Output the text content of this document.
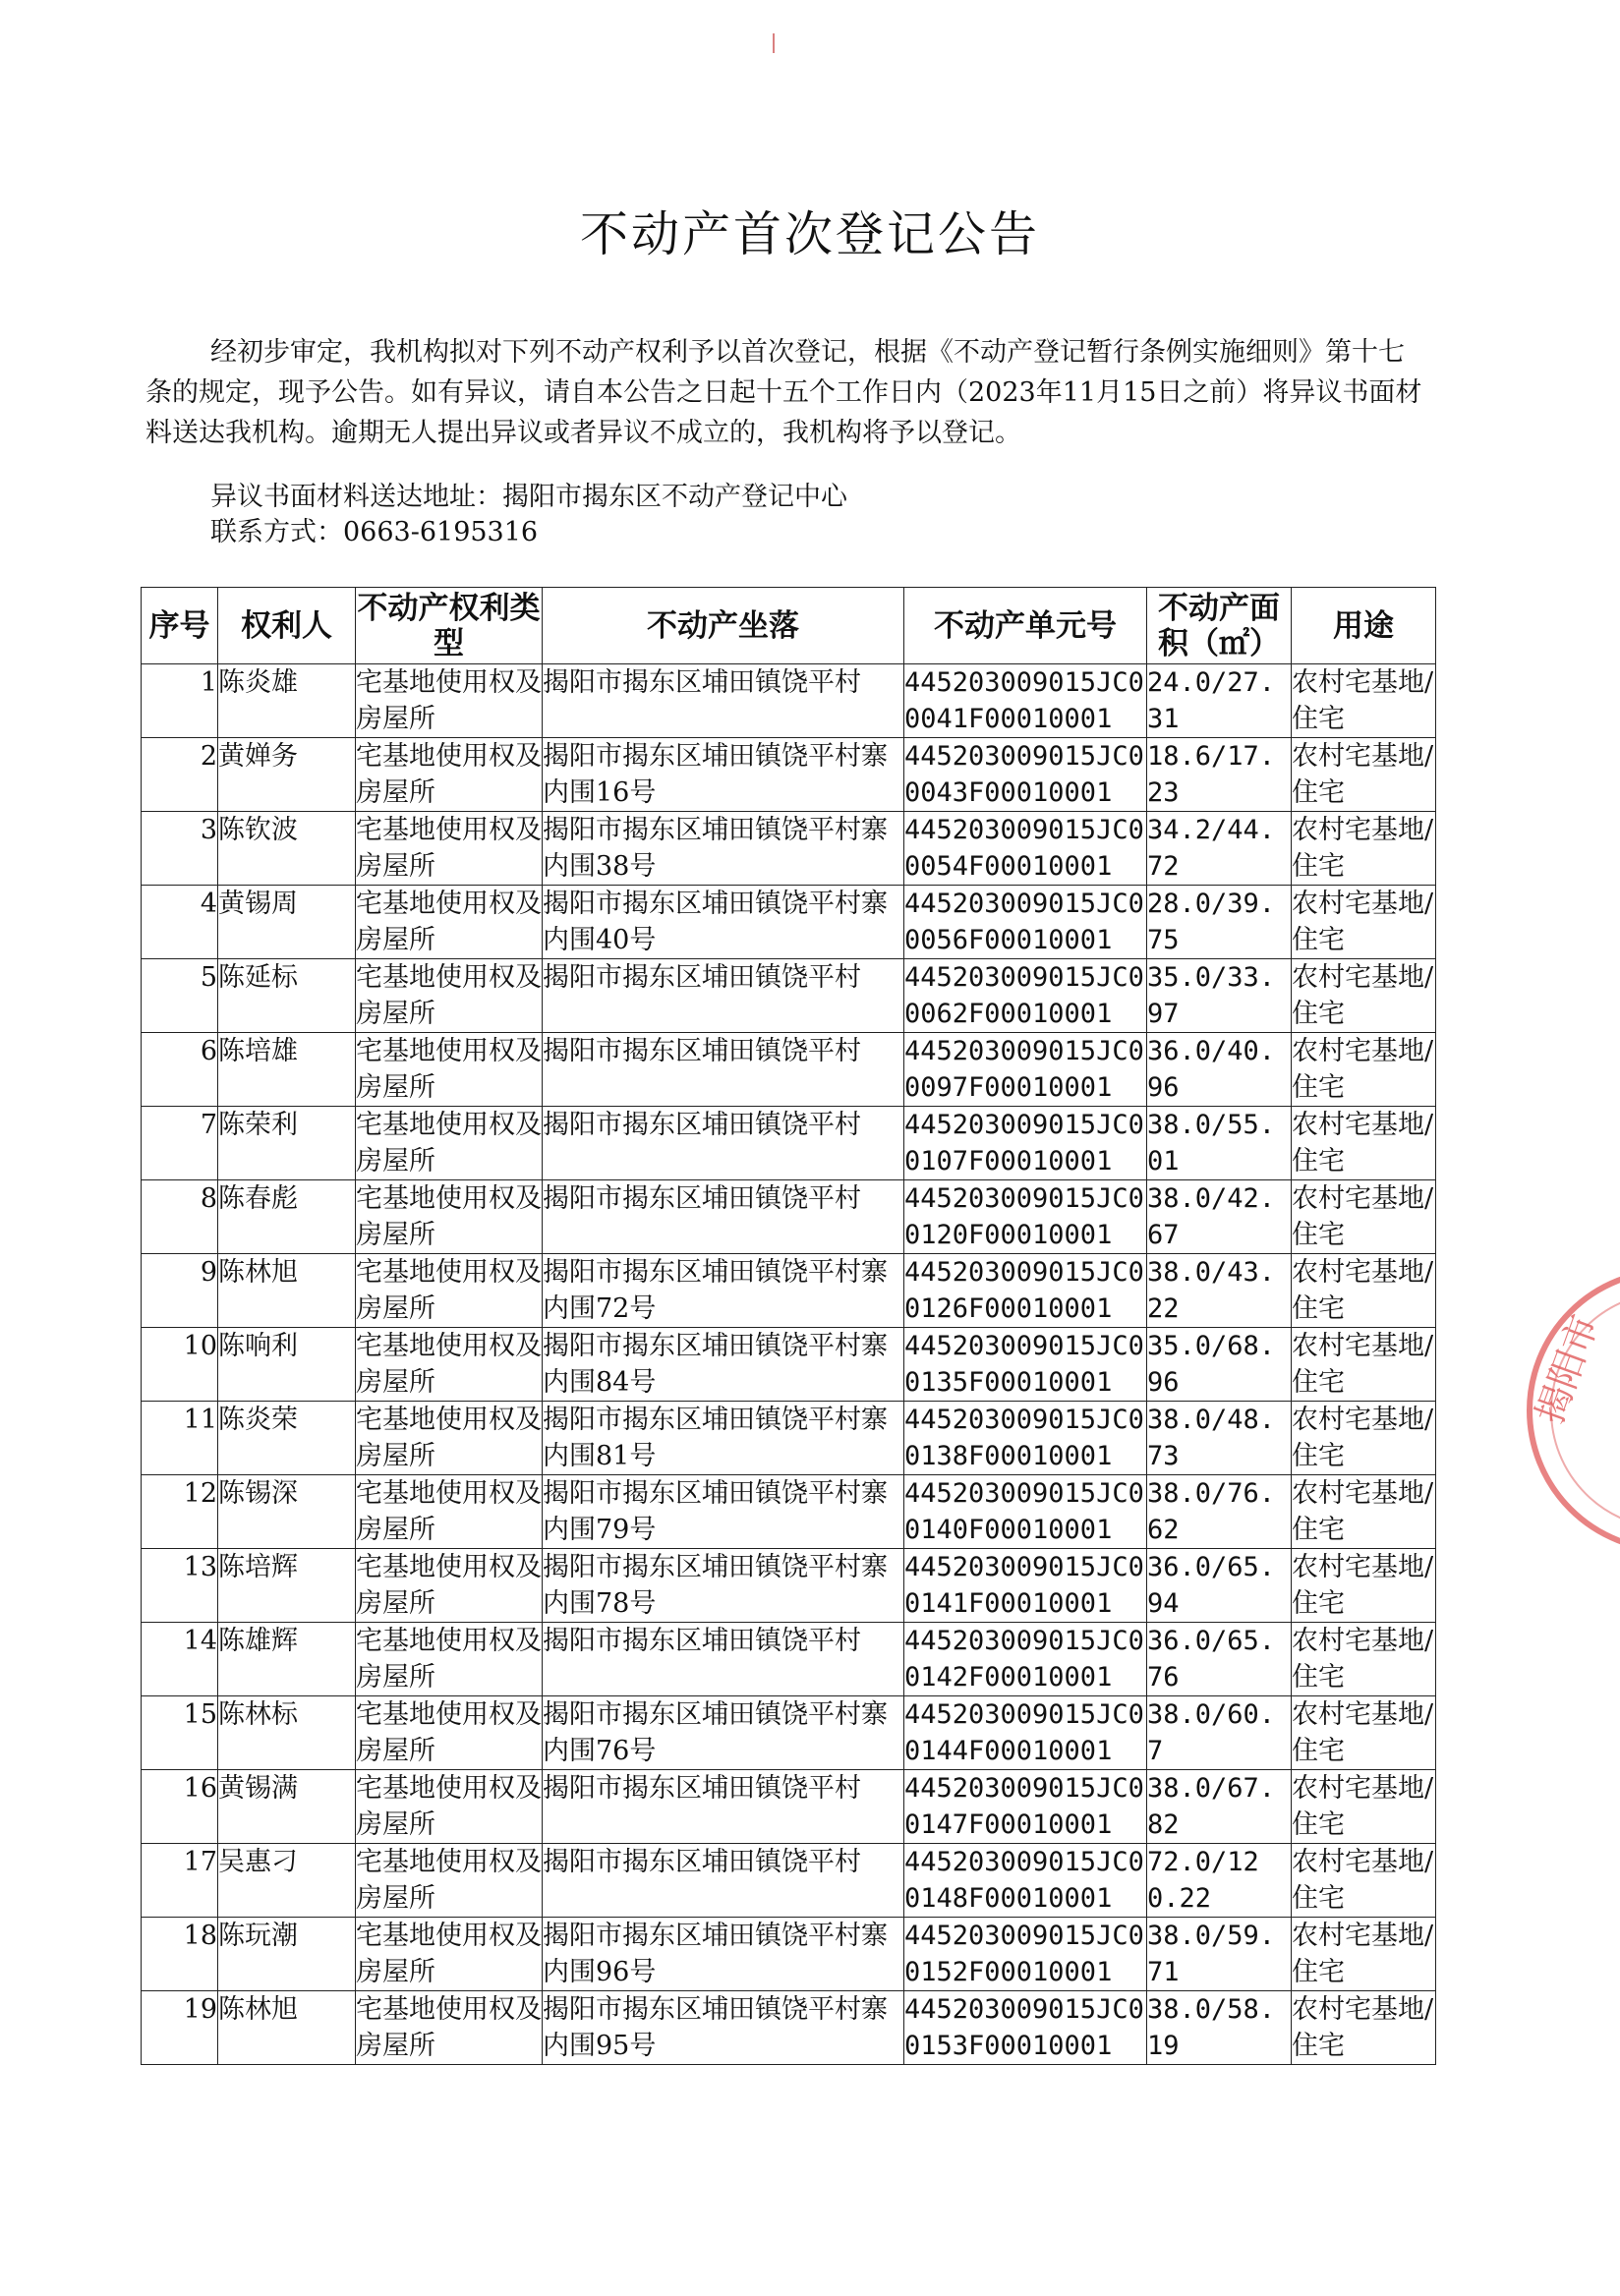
不动产首次登记公告

经初步审定，我机构拟对下列不动产权利予以首次登记，根据《不动产登记暂行条例实施细则》第十七条的规定，现予公告。如有异议，请自本公告之日起十五个工作日内（2023年11月15日之前）将异议书面材料送达我机构。逾期无人提出异议或者异议不成立的，我机构将予以登记。

异议书面材料送达地址：揭阳市揭东区不动产登记中心

联系方式：0663-6195316

序号	权利人	不动产权利类型	不动产坐落	不动产单元号	不动产面积（㎡）	用途
1	陈炎雄	宅基地使用权及房屋所	揭阳市揭东区埔田镇饶平村	445203009015JC00041F00010001	24.0/27.31	农村宅基地/住宅
2	黄婵务	宅基地使用权及房屋所	揭阳市揭东区埔田镇饶平村寨内围16号	445203009015JC00043F00010001	18.6/17.23	农村宅基地/住宅
3	陈钦波	宅基地使用权及房屋所	揭阳市揭东区埔田镇饶平村寨内围38号	445203009015JC00054F00010001	34.2/44.72	农村宅基地/住宅
4	黄锡周	宅基地使用权及房屋所	揭阳市揭东区埔田镇饶平村寨内围40号	445203009015JC00056F00010001	28.0/39.75	农村宅基地/住宅
5	陈延标	宅基地使用权及房屋所	揭阳市揭东区埔田镇饶平村	445203009015JC00062F00010001	35.0/33.97	农村宅基地/住宅
6	陈培雄	宅基地使用权及房屋所	揭阳市揭东区埔田镇饶平村	445203009015JC00097F00010001	36.0/40.96	农村宅基地/住宅
7	陈荣利	宅基地使用权及房屋所	揭阳市揭东区埔田镇饶平村	445203009015JC00107F00010001	38.0/55.01	农村宅基地/住宅
8	陈春彪	宅基地使用权及房屋所	揭阳市揭东区埔田镇饶平村	445203009015JC00120F00010001	38.0/42.67	农村宅基地/住宅
9	陈林旭	宅基地使用权及房屋所	揭阳市揭东区埔田镇饶平村寨内围72号	445203009015JC00126F00010001	38.0/43.22	农村宅基地/住宅
10	陈响利	宅基地使用权及房屋所	揭阳市揭东区埔田镇饶平村寨内围84号	445203009015JC00135F00010001	35.0/68.96	农村宅基地/住宅
11	陈炎荣	宅基地使用权及房屋所	揭阳市揭东区埔田镇饶平村寨内围81号	445203009015JC00138F00010001	38.0/48.73	农村宅基地/住宅
12	陈锡深	宅基地使用权及房屋所	揭阳市揭东区埔田镇饶平村寨内围79号	445203009015JC00140F00010001	38.0/76.62	农村宅基地/住宅
13	陈培辉	宅基地使用权及房屋所	揭阳市揭东区埔田镇饶平村寨内围78号	445203009015JC00141F00010001	36.0/65.94	农村宅基地/住宅
14	陈雄辉	宅基地使用权及房屋所	揭阳市揭东区埔田镇饶平村	445203009015JC00142F00010001	36.0/65.76	农村宅基地/住宅
15	陈林标	宅基地使用权及房屋所	揭阳市揭东区埔田镇饶平村寨内围76号	445203009015JC00144F00010001	38.0/60.7	农村宅基地/住宅
16	黄锡满	宅基地使用权及房屋所	揭阳市揭东区埔田镇饶平村	445203009015JC00147F00010001	38.0/67.82	农村宅基地/住宅
17	吴惠刁	宅基地使用权及房屋所	揭阳市揭东区埔田镇饶平村	445203009015JC00148F00010001	72.0/120.22	农村宅基地/住宅
18	陈玩潮	宅基地使用权及房屋所	揭阳市揭东区埔田镇饶平村寨内围96号	445203009015JC00152F00010001	38.0/59.71	农村宅基地/住宅
19	陈林旭	宅基地使用权及房屋所	揭阳市揭东区埔田镇饶平村寨内围95号	445203009015JC00153F00010001	38.0/58.19	农村宅基地/住宅
揭阳市
